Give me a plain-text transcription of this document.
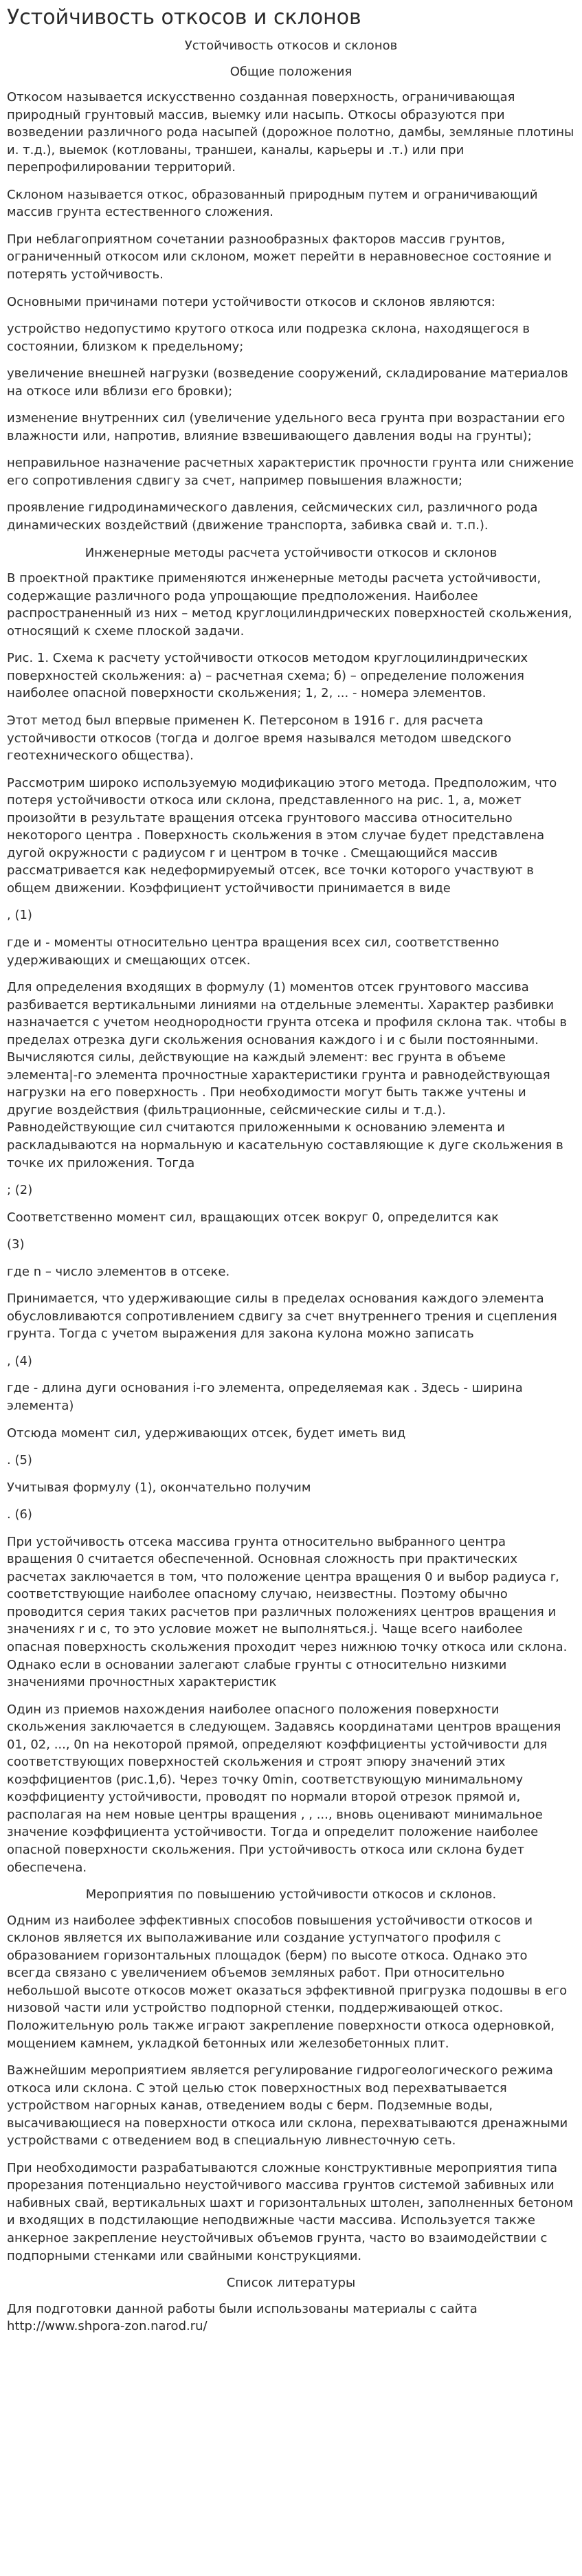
Устойчивость откосов и склонов
Устойчивость откосов и склонов
Общие положения

Откосом называется искусственно созданная поверхность, ограничивающая природный грунтовый массив, выемку или насыпь. Откосы образуются при возведении различного рода насыпей (дорожное полотно, дамбы, земляные плотины и. т.д.), выемок (котлованы, траншеи, каналы, карьеры и .т.) или при перепрофилировании территорий.

Склоном называется откос, образованный природным путем и ограничивающий массив грунта естественного сложения.

При неблагоприятном сочетании разнообразных факторов массив грунтов, ограниченный откосом или склоном, может перейти в неравновесное состояние и потерять устойчивость.

Основными причинами потери устойчивости откосов и склонов являются:

устройство недопустимо крутого откоса или подрезка склона, находящегося в состоянии, близком к предельному;

увеличение внешней нагрузки (возведение сооружений, складирование материалов на откосе или вблизи его бровки);

изменение внутренних сил (увеличение удельного веса грунта при возрастании его влажности или, напротив, влияние взвешивающего давления воды на грунты);

неправильное назначение расчетных характеристик прочности грунта или снижение его сопротивления сдвигу за счет, например повышения влажности;

проявление гидродинамического давления, сейсмических сил, различного рода динамических воздействий (движение транспорта, забивка свай и. т.п.).

Инженерные методы расчета устойчивости откосов и склонов

В проектной практике применяются инженерные методы расчета устойчивости, содержащие различного рода упрощающие предположения. Наиболее распространенный из них – метод круглоцилиндрических поверхностей скольжения, относящий к схеме плоской задачи.

Рис. 1. Схема к расчету устойчивости откосов методом круглоцилиндрических поверхностей скольжения: а) – расчетная схема; б) – определение положения наиболее опасной поверхности скольжения; 1, 2, ... - номера элементов.

Этот метод был впервые применен К. Петерсоном в 1916 г. для расчета устойчивости откосов (тогда и долгое время назывался методом шведского геотехнического общества).

Рассмотрим широко используемую модификацию этого метода. Предположим, что потеря устойчивости откоса или склона, представленного на рис. 1, а, может произойти в результате вращения отсека грунтового массива относительно некоторого центра . Поверхность скольжения в этом случае будет представлена дугой окружности с радиусом r и центром в точке . Смещающийся массив рассматривается как недеформируемый отсек, все точки которого участвуют в общем движении. Коэффициент устойчивости принимается в виде

, (1)

где и - моменты относительно центра вращения всех сил, соответственно удерживающих и смещающих отсек.

Для определения входящих в формулу (1) моментов отсек грунтового массива разбивается вертикальными линиями на отдельные элементы. Характер разбивки назначается с учетом неоднородности грунта отсека и профиля склона так. чтобы в пределах отрезка дуги скольжения основания каждого i и с были постоянными. Вычисляются силы, действующие на каждый элемент: вес грунта в объеме элемента|-го элемента прочностные характеристики грунта и равнодействующая нагрузки на его поверхность . При необходимости могут быть также учтены и другие воздействия (фильтрационные, сейсмические силы и т.д.). Равнодействующие сил считаются приложенными к основанию элемента и раскладываются на нормальную и касательную составляющие к дуге скольжения в точке их приложения. Тогда

; (2)

Соответственно момент сил, вращающих отсек вокруг 0, определится как

(3)

где n – число элементов в отсеке.

Принимается, что удерживающие силы в пределах основания каждого элемента обусловливаются сопротивлением сдвигу за счет внутреннего трения и сцепления грунта. Тогда с учетом выражения для закона кулона можно записать

, (4)

где - длина дуги основания i-го элемента, определяемая как . Здесь - ширина элемента)

Отсюда момент сил, удерживающих отсек, будет иметь вид

. (5)

Учитывая формулу (1), окончательно получим

. (6)

При устойчивость отсека массива грунта относительно выбранного центра вращения 0 считается обеспеченной. Основная сложность при практических расчетах заключается в том, что положение центра вращения 0 и выбор радиуса r, соответствующие наиболее опасному случаю, неизвестны. Поэтому обычно проводится серия таких расчетов при различных положениях центров вращения и значениях r и с, то это условие может не выполняться.j. Чаще всего наиболее опасная поверхность скольжения проходит через нижнюю точку откоса или склона. Однако если в основании залегают слабые грунты с относительно низкими значениями прочностных характеристик

Один из приемов нахождения наиболее опасного положения поверхности скольжения заключается в следующем. Задавясь координатами центров вращения 01, 02, ..., 0n на некоторой прямой, определяют коэффициенты устойчивости для соответствующих поверхностей скольжения и строят эпюру значений этих коэффициентов (рис.1,б). Через точку 0min, соответствующую минимальному коэффициенту устойчивости, проводят по нормали второй отрезок прямой и, располагая на нем новые центры вращения , , ..., вновь оценивают минимальное значение коэффициента устойчивости. Тогда и определит положение наиболее опасной поверхности скольжения. При устойчивость откоса или склона будет обеспечена.

Мероприятия по повышению устойчивости откосов и склонов.

Одним из наиболее эффективных способов повышения устойчивости откосов и склонов является их выполаживание или создание уступчатого профиля с образованием горизонтальных площадок (берм) по высоте откоса. Однако это всегда связано с увеличением объемов земляных работ. При относительно небольшой высоте откосов может оказаться эффективной пригрузка подошвы в его низовой части или устройство подпорной стенки, поддерживающей откос. Положительную роль также играют закрепление поверхности откоса одерновкой, мощением камнем, укладкой бетонных или железобетонных плит.

Важнейшим мероприятием является регулирование гидрогеологического режима откоса или склона. С этой целью сток поверхностных вод перехватывается устройством нагорных канав, отведением воды с берм. Подземные воды, высачивающиеся на поверхности откоса или склона, перехватываются дренажными устройствами с отведением вод в специальную ливнесточную сеть.

При необходимости разрабатываются сложные конструктивные мероприятия типа прорезания потенциально неустойчивого массива грунтов системой забивных или набивных свай, вертикальных шахт и горизонтальных штолен, заполненных бетоном и входящих в подстилающие неподвижные части массива. Используется также анкерное закрепление неустойчивых объемов грунта, часто во взаимодействии с подпорными стенками или свайными конструкциями.

Список литературы
Для подготовки данной работы были использованы материалы с сайта
http://www.shpora-zon.narod.ru/
